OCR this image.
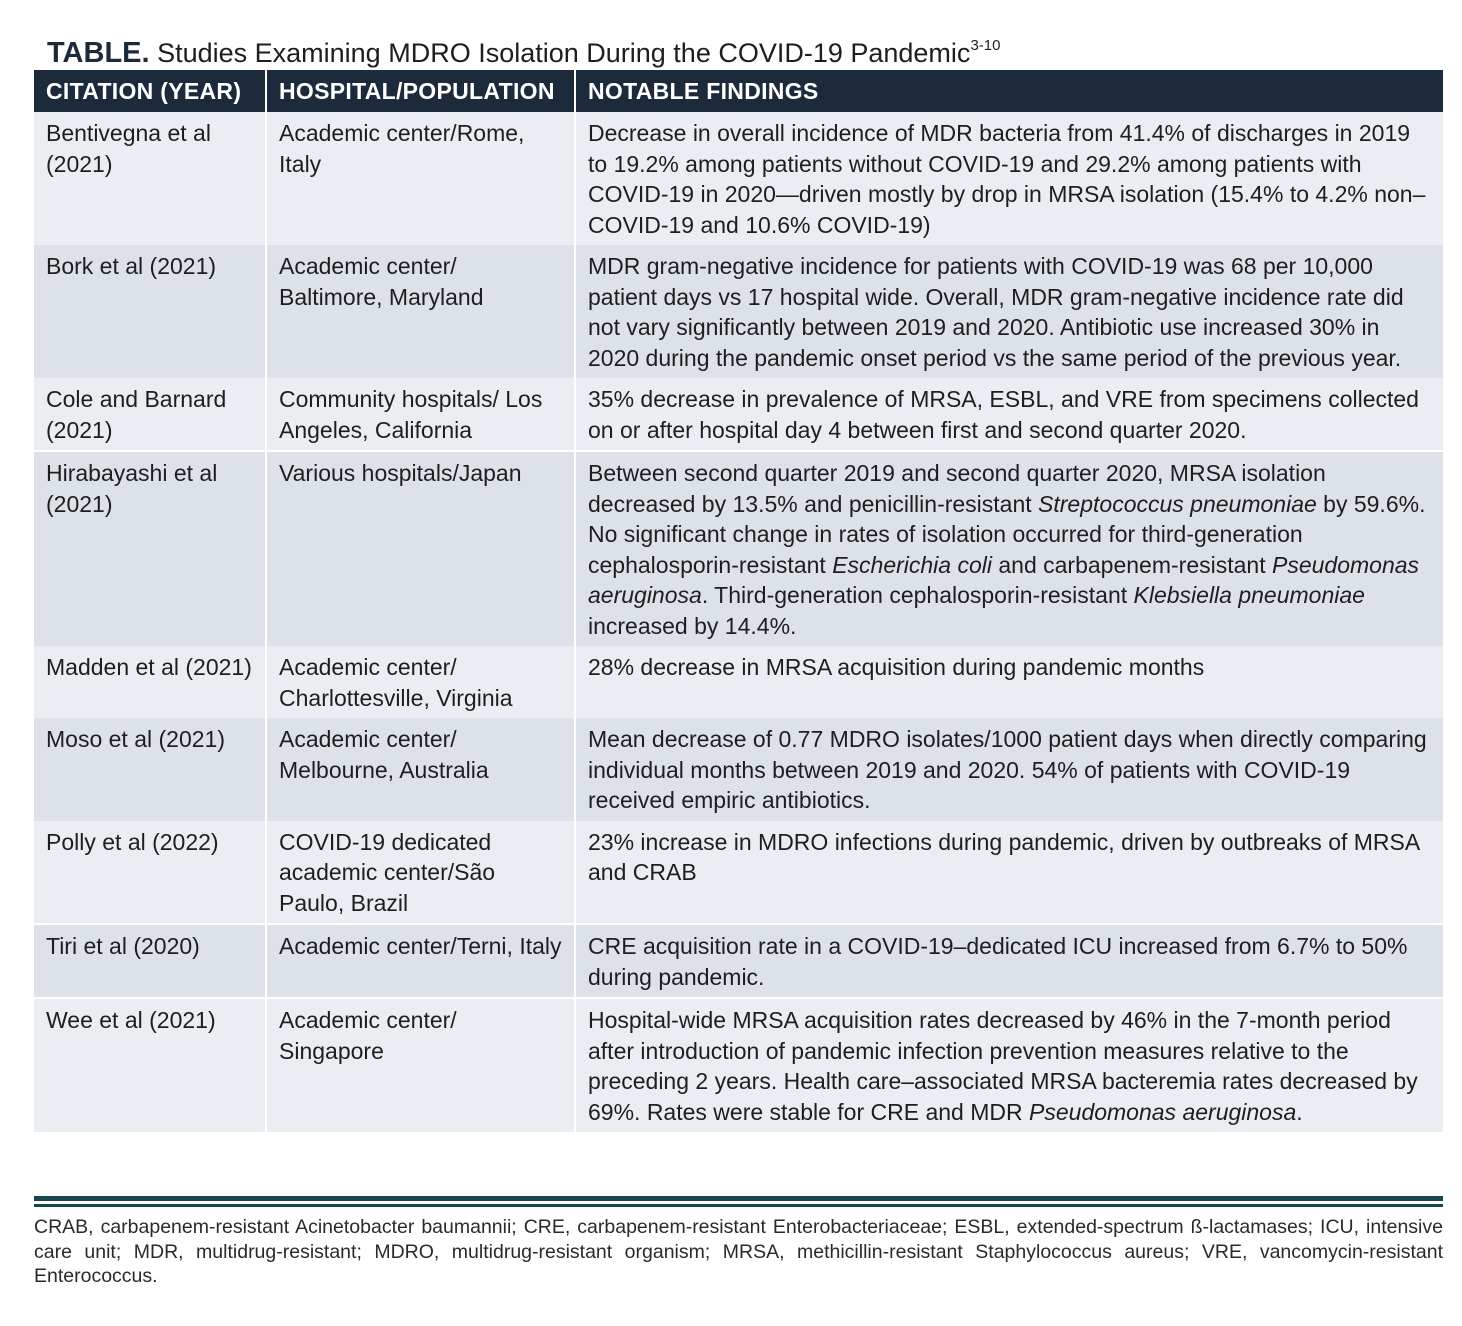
TABLE. Studies Examining MDRO Isolation During the COVID-19 Pandemic$^{3-10}$
CITATION (YEAR)	HOSPITAL/POPULATION	NOTABLE FINDINGS
Bentivegna et al (2021)	Academic center/Rome, Italy	Decrease in overall incidence of MDR bacteria from 41.4% of discharges in 2019 to 19.2% among patients without COVID-19 and 29.2% among patients with COVID-19 in 2020—driven mostly by drop in MRSA isolation (15.4% to 4.2% non–COVID-19 and 10.6% COVID-19)
Bork et al (2021)	Academic center/ Baltimore, Maryland	MDR gram-negative incidence for patients with COVID-19 was 68 per 10,000 patient days vs 17 hospital wide. Overall, MDR gram-negative incidence rate did not vary significantly between 2019 and 2020. Antibiotic use increased 30% in 2020 during the pandemic onset period vs the same period of the previous year.
Cole and Barnard (2021)	Community hospitals/ Los Angeles, California	35% decrease in prevalence of MRSA, ESBL, and VRE from specimens collected on or after hospital day 4 between first and second quarter 2020.
Hirabayashi et al (2021)	Various hospitals/Japan	Between second quarter 2019 and second quarter 2020, MRSA isolation decreased by 13.5% and penicillin-resistant Streptococcus pneumoniae by 59.6%. No significant change in rates of isolation occurred for third-generation cephalosporin-resistant Escherichia coli and carbapenem-resistant Pseudomonas aeruginosa. Third-generation cephalosporin-resistant Klebsiella pneumoniae increased by 14.4%.
Madden et al (2021)	Academic center/ Charlottesville, Virginia	28% decrease in MRSA acquisition during pandemic months
Moso et al (2021)	Academic center/ Melbourne, Australia	Mean decrease of 0.77 MDRO isolates/1000 patient days when directly comparing individual months between 2019 and 2020. 54% of patients with COVID-19 received empiric antibiotics.
Polly et al (2022)	COVID-19 dedicated academic center/São Paulo, Brazil	23% increase in MDRO infections during pandemic, driven by outbreaks of MRSA and CRAB
Tiri et al (2020)	Academic center/Terni, Italy	CRE acquisition rate in a COVID-19–dedicated ICU increased from 6.7% to 50% during pandemic.
Wee et al (2021)	Academic center/ Singapore	Hospital-wide MRSA acquisition rates decreased by 46% in the 7-month period after introduction of pandemic infection prevention measures relative to the preceding 2 years. Health care–associated MRSA bacteremia rates decreased by 69%. Rates were stable for CRE and MDR Pseudomonas aeruginosa.
CRAB, carbapenem-resistant Acinetobacter baumannii; CRE, carbapenem-resistant Enterobacteriaceae; ESBL, extended-spectrum ß-lactamases; ICU, intensive care unit; MDR, multidrug-resistant; MDRO, multidrug-resistant organism; MRSA, methicillin-resistant Staphylococcus aureus; VRE, vancomycin-resistant Enterococcus.
